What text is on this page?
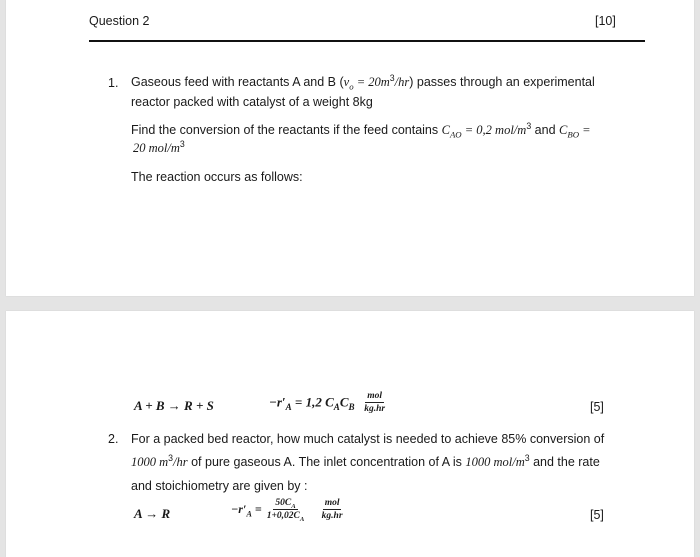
Question 2	[10]
1. Gaseous feed with reactants A and B $(v_o = 20m^3/hr)$ passes through an experimental
reactor packed with catalyst of a weight 8kg
Find the conversion of the reactants if the feed contains $C_{AO} = 0,2$ mol/$m^3$ and $C_{BO}$ =
20 mol/$m^3$
The reaction occurs as follows:
A + B → R + S	$-r'_A = 1,2$ $C_AC_B \frac{\text{mol}}{kg.hr}$	[5]
2. For a packed bed reactor, how much catalyst is needed to achieve 85% conversion of
1000 $m^3/hr$ of pure gaseous A. The inlet concentration of A is 1000 mol/$m^3$ and the rate
and stoichiometry are given by :
A → R	$-r'_A = \frac{50C_A}{1+0,02C_A}$
$\frac{\text{mol}}{kg.hr}$	[5]
